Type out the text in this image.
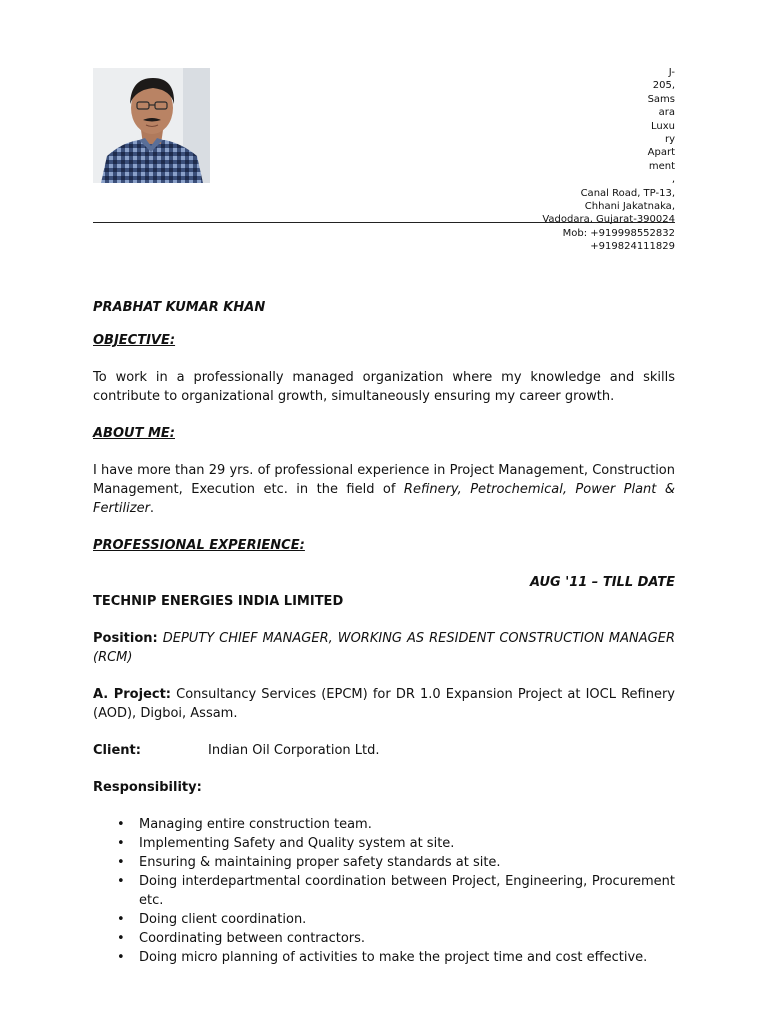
J-
205,
Sams
ara
Luxu
ry
Apart
ment
,
Canal Road, TP-13,
Chhani Jakatnaka,
Vadodara, Gujarat-390024
Mob: +919998552832
+919824111829
PRABHAT KUMAR KHAN
OBJECTIVE:

To work in a professionally managed organization where my knowledge and skills contribute to organizational growth, simultaneously ensuring my career growth.

ABOUT ME:

I have more than 29 yrs. of professional experience in Project Management, Construction Management, Execution etc. in the field of Refinery, Petrochemical, Power Plant & Fertilizer.

PROFESSIONAL EXPERIENCE:
AUG '11 – TILL DATE
TECHNIP ENERGIES INDIA LIMITED

Position: DEPUTY CHIEF MANAGER, WORKING AS RESIDENT CONSTRUCTION MANAGER (RCM)

A. Project: Consultancy Services (EPCM) for DR 1.0 Expansion Project at IOCL Refinery (AOD), Digboi, Assam.

Client:	Indian Oil Corporation Ltd.
Responsibility:
• Managing entire construction team.
• Implementing Safety and Quality system at site.
• Ensuring & maintaining proper safety standards at site.
• Doing interdepartmental coordination between Project, Engineering, Procurement etc.
• Doing client coordination.
• Coordinating between contractors.
• Doing micro planning of activities to make the project time and cost effective.
